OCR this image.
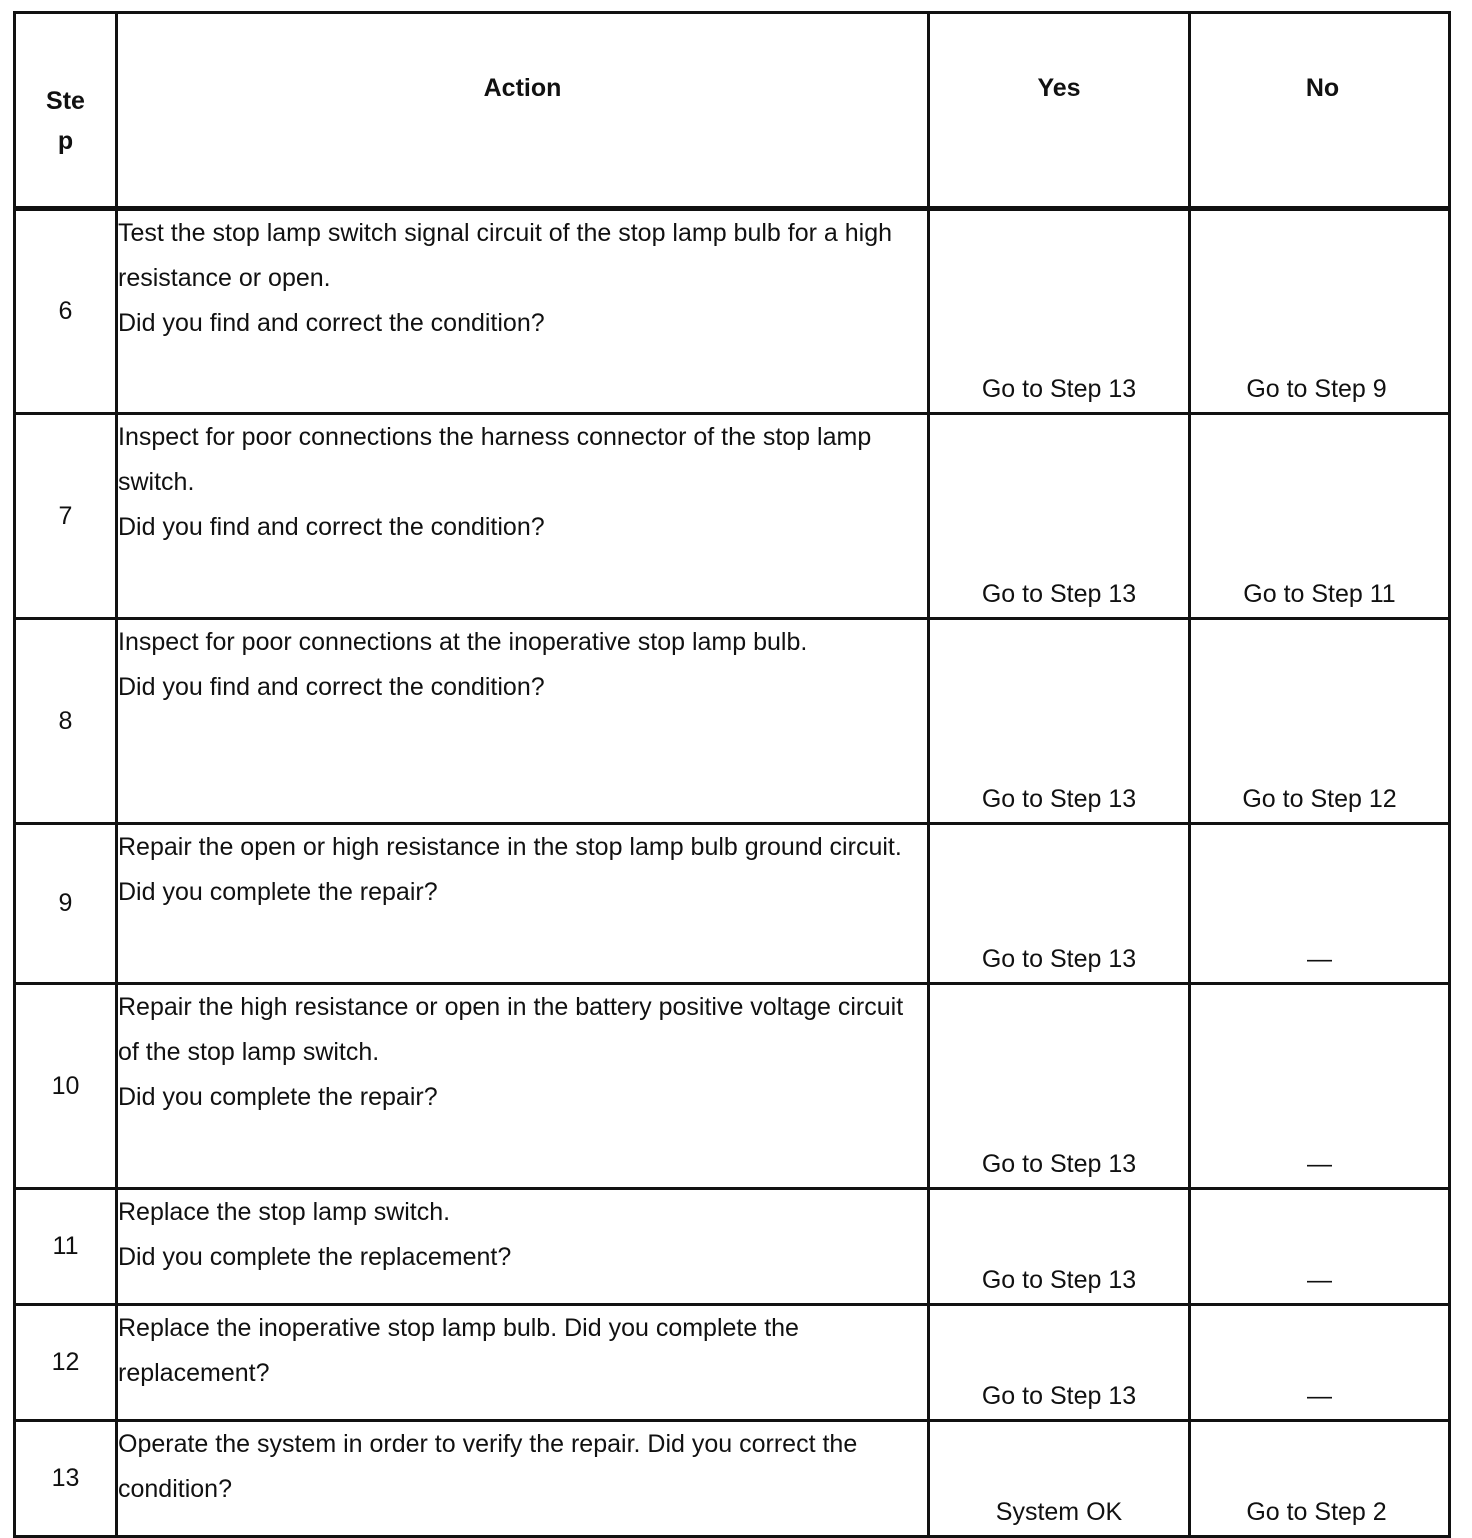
Step	Action	Yes	No
6	Test the stop lamp switch signal circuit of the stop lamp bulb for a high resistance or open.

Did you find and correct the condition?	Go to Step 13	Go to Step 9
7	Inspect for poor connections the harness connector of the stop lamp switch.

Did you find and correct the condition?	Go to Step 13	Go to Step 11
8	Inspect for poor connections at the inoperative stop lamp bulb.

Did you find and correct the condition?	Go to Step 13	Go to Step 12
9	Repair the open or high resistance in the stop lamp bulb ground circuit.

Did you complete the repair?	Go to Step 13	—
10	Repair the high resistance or open in the battery positive voltage circuit of the stop lamp switch.

Did you complete the repair?	Go to Step 13	—
11	Replace the stop lamp switch.

Did you complete the replacement?	Go to Step 13	—
12	Replace the inoperative stop lamp bulb. Did you complete the replacement?	Go to Step 13	—
13	Operate the system in order to verify the repair. Did you correct the condition?	System OK	Go to Step 2
